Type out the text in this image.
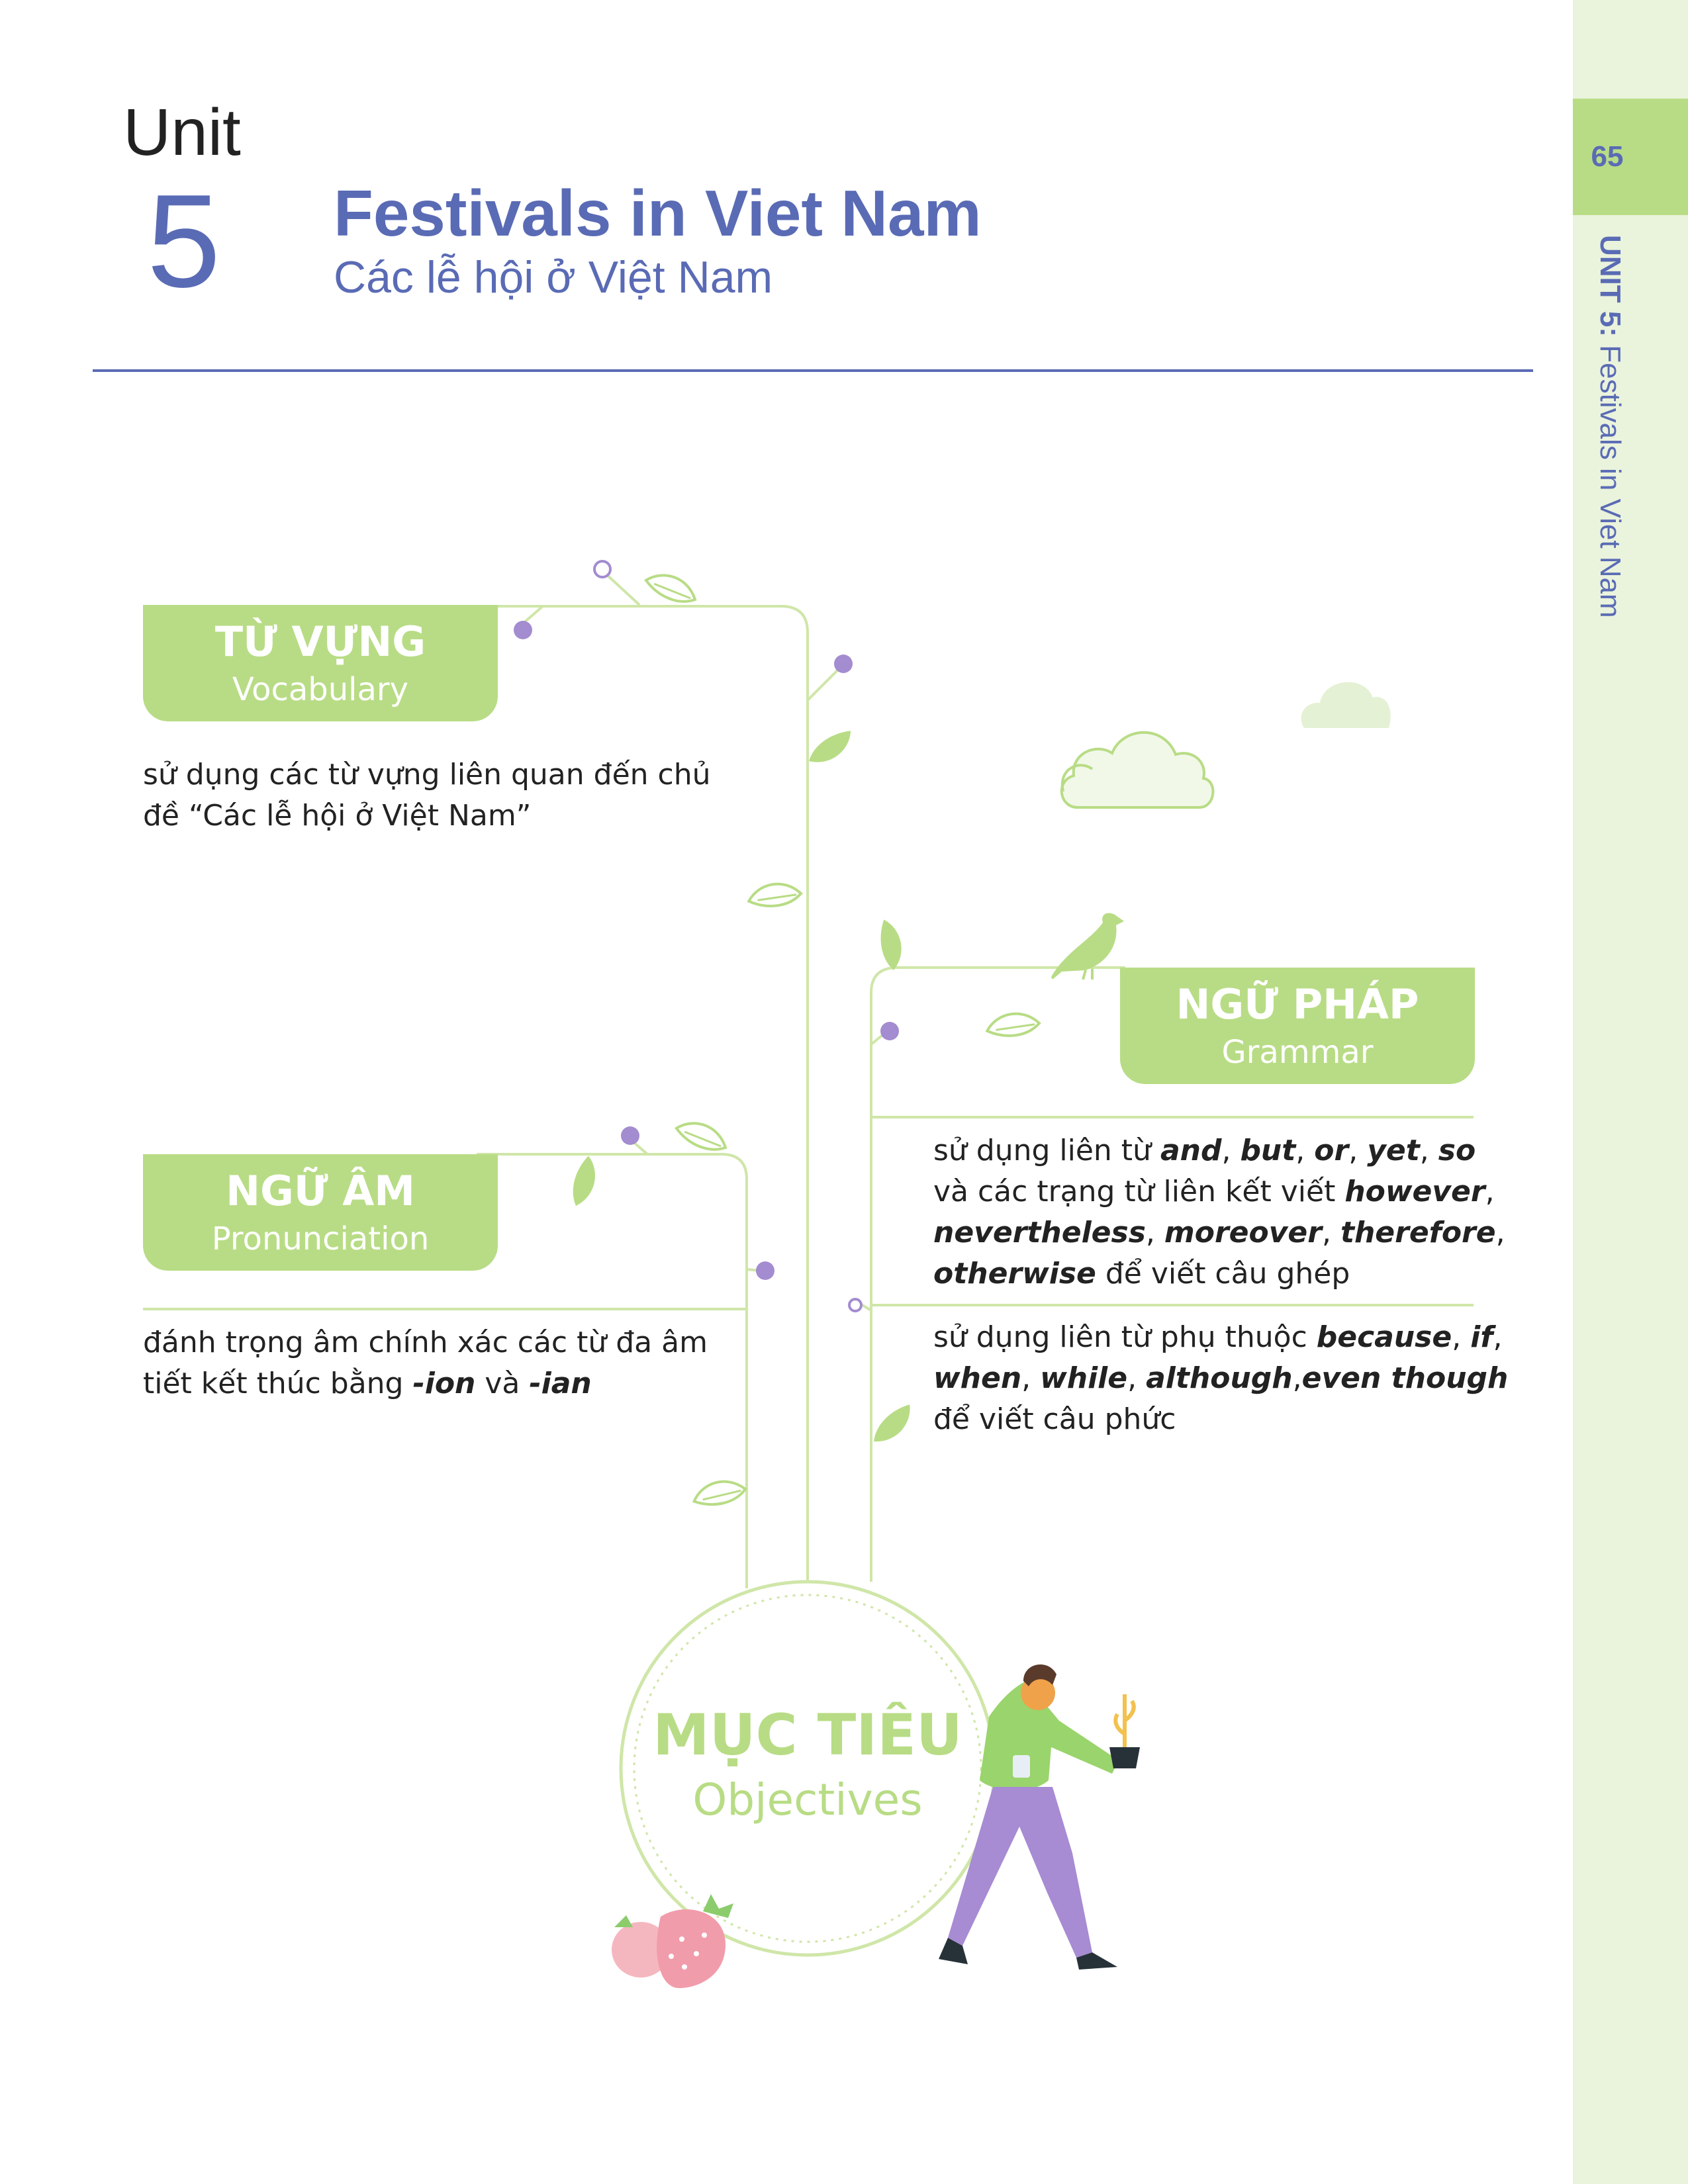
65
UNIT 5: Festivals in Viet Nam
Unit
5 Festivals in Viet Nam
Các lễ hội ở Việt Nam
TỪ VỰNG
Vocabulary
sử dụng các từ vựng liên quan đến chủ
đề “Các lễ hội ở Việt Nam”
NGỮ ÂM
Pronunciation
đánh trọng âm chính xác các từ đa âm
tiết kết thúc bằng -ion và -ian
NGỮ PHÁP
Grammar
sử dụng liên từ and, but, or, yet, so
và các trạng từ liên kết viết however,
nevertheless, moreover, therefore,
otherwise để viết câu ghép
sử dụng liên từ phụ thuộc because, if,
when, while, although,even though
để viết câu phức
MỤC TIÊU
Objectives
